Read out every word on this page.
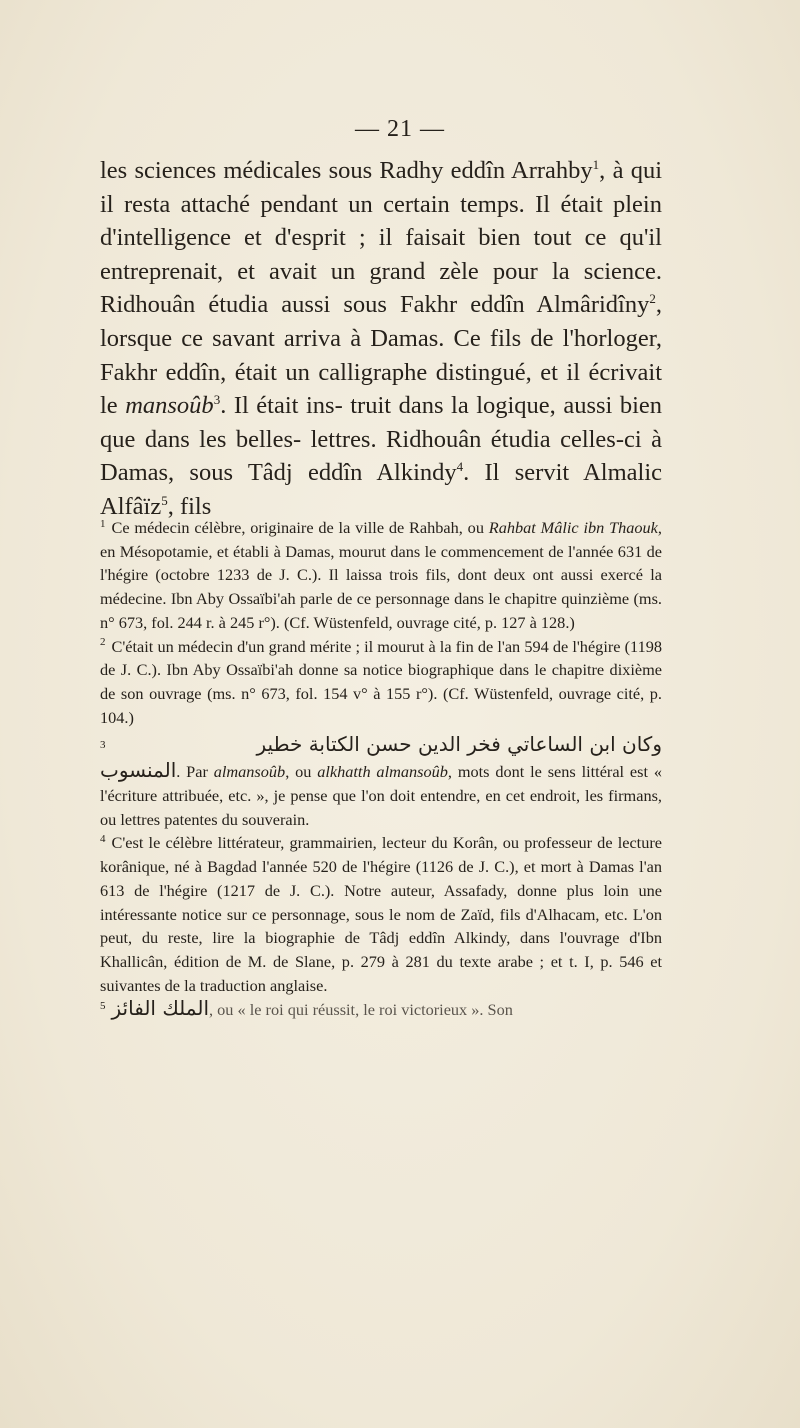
— 21 —

les sciences médicales sous Radhy eddîn Arrahby$^1$, à qui il resta attaché pendant un certain temps. Il était plein d'intelligence et d'esprit ; il faisait bien tout ce qu'il entreprenait, et avait un grand zèle pour la science. Ridhouân étudia aussi sous Fakhr eddîn Almâridîny$^2$, lorsque ce savant arriva à Damas. Ce fils de l'horloger, Fakhr eddîn, était un calligraphe distingué, et il écrivait le mansoûb$^3$. Il était ins- truit dans la logique, aussi bien que dans les belles- lettres. Ridhouân étudia celles-ci à Damas, sous Tâdj eddîn Alkindy$^4$. Il servit Almalic Alfâïz$^5$, fils

$^1$ Ce médecin célèbre, originaire de la ville de Rahbah, ou Rahbat Mâlic ibn Thaouk, en Mésopotamie, et établi à Damas, mourut dans le commencement de l'année 631 de l'hégire (octobre 1233 de J. C.). Il laissa trois fils, dont deux ont aussi exercé la médecine. Ibn Aby Ossaïbi'ah parle de ce personnage dans le chapitre quinzième (ms. n° 673, fol. 244 r. à 245 r°). (Cf. Wüstenfeld, ouvrage cité, p. 127 à 128.)

$^2$ C'était un médecin d'un grand mérite ; il mourut à la fin de l'an 594 de l'hégire (1198 de J. C.). Ibn Aby Ossaïbi'ah donne sa notice biographique dans le chapitre dixième de son ouvrage (ms. n° 673, fol. 154 v° à 155 r°). (Cf. Wüstenfeld, ouvrage cité, p. 104.)

3	وكان ابن الساعاتي فخر الدين حسن الكتابة خطير

المنسوب. Par almansoûb, ou alkhatth almansoûb, mots dont le sens littéral est « l'écriture attribuée, etc. », je pense que l'on doit entendre, en cet endroit, les firmans, ou lettres patentes du souverain.

$^4$ C'est le célèbre littérateur, grammairien, lecteur du Korân, ou professeur de lecture korânique, né à Bagdad l'année 520 de l'hégire (1126 de J. C.), et mort à Damas l'an 613 de l'hégire (1217 de J. C.). Notre auteur, Assafady, donne plus loin une intéressante notice sur ce personnage, sous le nom de Zaïd, fils d'Alhacam, etc. L'on peut, du reste, lire la biographie de Tâdj eddîn Alkindy, dans l'ouvrage d'Ibn Khallicân, édition de M. de Slane, p. 279 à 281 du texte arabe ; et t. I, p. 546 et suivantes de la traduction anglaise.

$^5$ الملك الفائز, ou « le roi qui réussit, le roi victorieux ». Son
